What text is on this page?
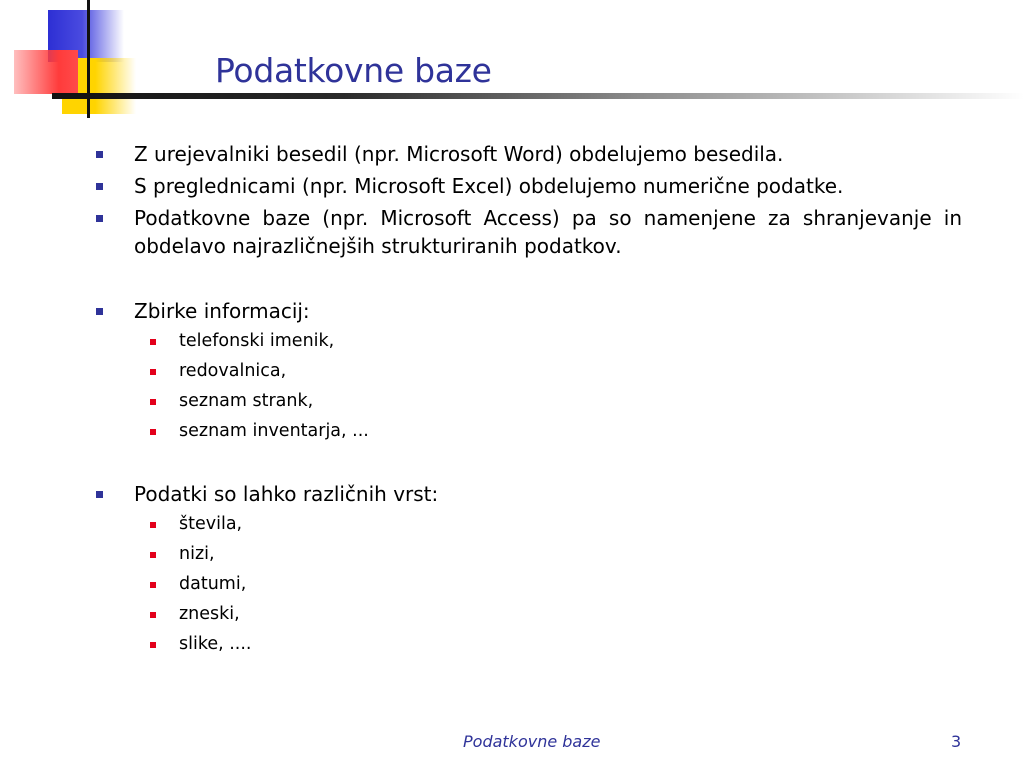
Podatkovne baze
Z urejevalniki besedil (npr. Microsoft Word) obdelujemo besedila.
S preglednicami (npr. Microsoft Excel) obdelujemo numerične podatke.
Podatkovne baze (npr. Microsoft Access) pa so namenjene za shranjevanje in obdelavo najrazličnejših strukturiranih podatkov.
Zbirke informacij:
telefonski imenik,
redovalnica,
seznam strank,
seznam inventarja, ...
Podatki so lahko različnih vrst:
števila,
nizi,
datumi,
zneski,
slike, ....
Podatkovne baze	3
